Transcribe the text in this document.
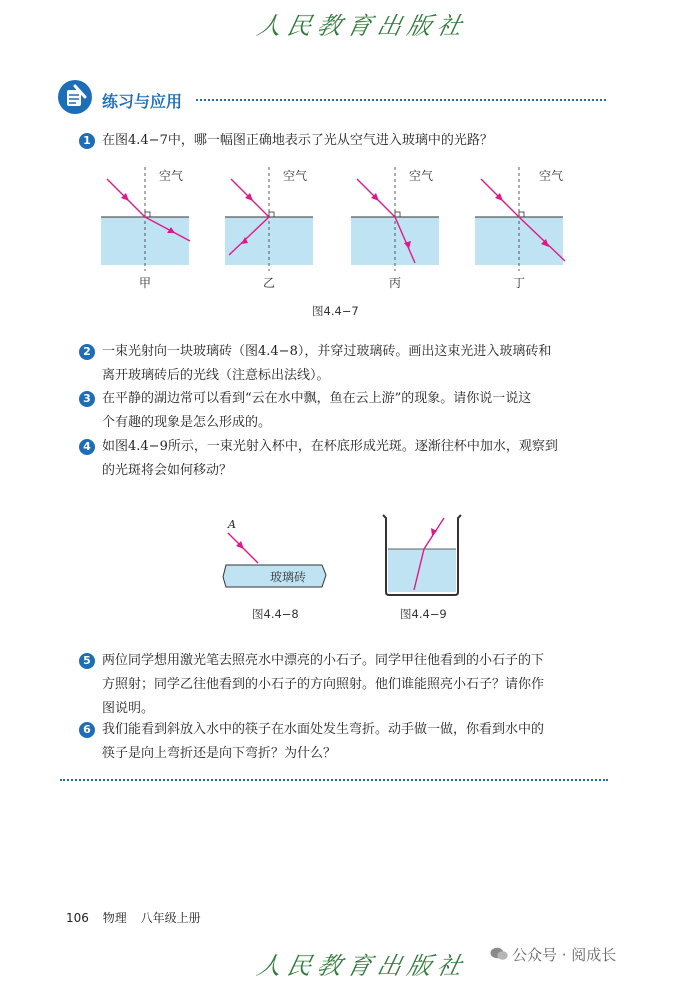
人民教育出版社
练习与应用
1 在图4.4−7中，哪一幅图正确地表示了光从空气进入玻璃中的光路？
空气
甲
空气
乙
空气
丙
空气
丁
图4.4−7
2 一束光射向一块玻璃砖（图4.4−8），并穿过玻璃砖。画出这束光进入玻璃砖和
离开玻璃砖后的光线（注意标出法线）。
3 在平静的湖边常可以看到“云在水中飘，鱼在云上游”的现象。请你说一说这
个有趣的现象是怎么形成的。
4 如图4.4−9所示，一束光射入杯中，在杯底形成光斑。逐渐往杯中加水，观察到
的光斑将会如何移动？
A
玻璃砖
图4.4−8	图4.4−9
5 两位同学想用激光笔去照亮水中漂亮的小石子。同学甲往他看到的小石子的下
方照射；同学乙往他看到的小石子的方向照射。他们谁能照亮小石子？请你作
图说明。
6 我们能看到斜放入水中的筷子在水面处发生弯折。动手做一做，你看到水中的
筷子是向上弯折还是向下弯折？为什么？
106 物理 八年级上册
人民教育出版社	公众号 · 阅成长
